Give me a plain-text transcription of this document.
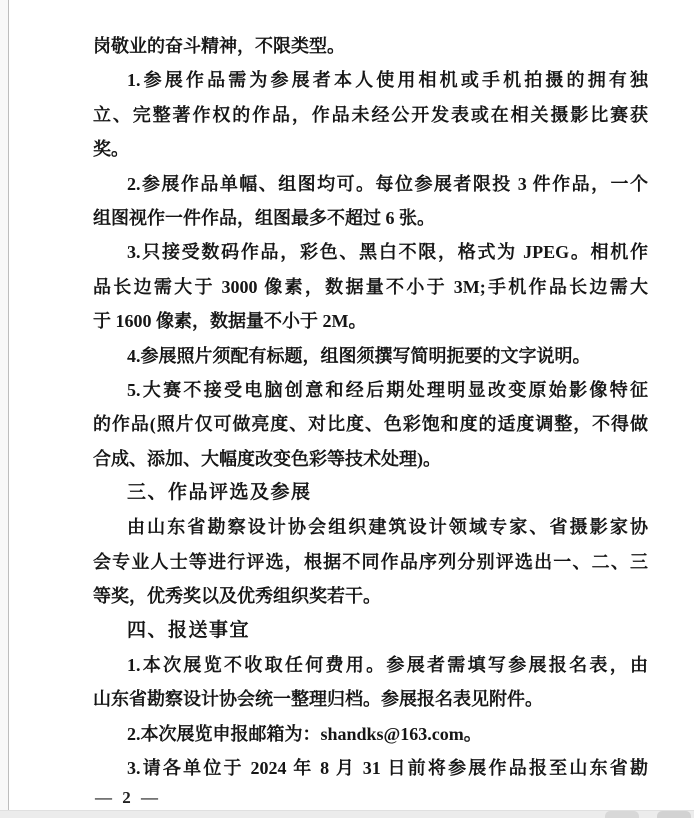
岗敬业的奋斗精神，不限类型。
1.参展作品需为参展者本人使用相机或手机拍摄的拥有独
立、完整著作权的作品，作品未经公开发表或在相关摄影比赛获
奖。
2.参展作品单幅、组图均可。每位参展者限投 3 件作品，一个
组图视作一件作品，组图最多不超过 6 张。
3.只接受数码作品，彩色、黑白不限，格式为 JPEG。相机作
品长边需大于 3000 像素，数据量不小于 3M;手机作品长边需大
于 1600 像素，数据量不小于 2M。
4.参展照片须配有标题，组图须撰写简明扼要的文字说明。
5.大赛不接受电脑创意和经后期处理明显改变原始影像特征
的作品(照片仅可做亮度、对比度、色彩饱和度的适度调整，不得做
合成、添加、大幅度改变色彩等技术处理)。
三、作品评选及参展
由山东省勘察设计协会组织建筑设计领域专家、省摄影家协
会专业人士等进行评选，根据不同作品序列分别评选出一、二、三
等奖，优秀奖以及优秀组织奖若干。
四、报送事宜
1.本次展览不收取任何费用。参展者需填写参展报名表，由
山东省勘察设计协会统一整理归档。参展报名表见附件。
2.本次展览申报邮箱为：shandks@163.com。
3.请各单位于 2024 年 8 月 31 日前将参展作品报至山东省勘
— 2 —
